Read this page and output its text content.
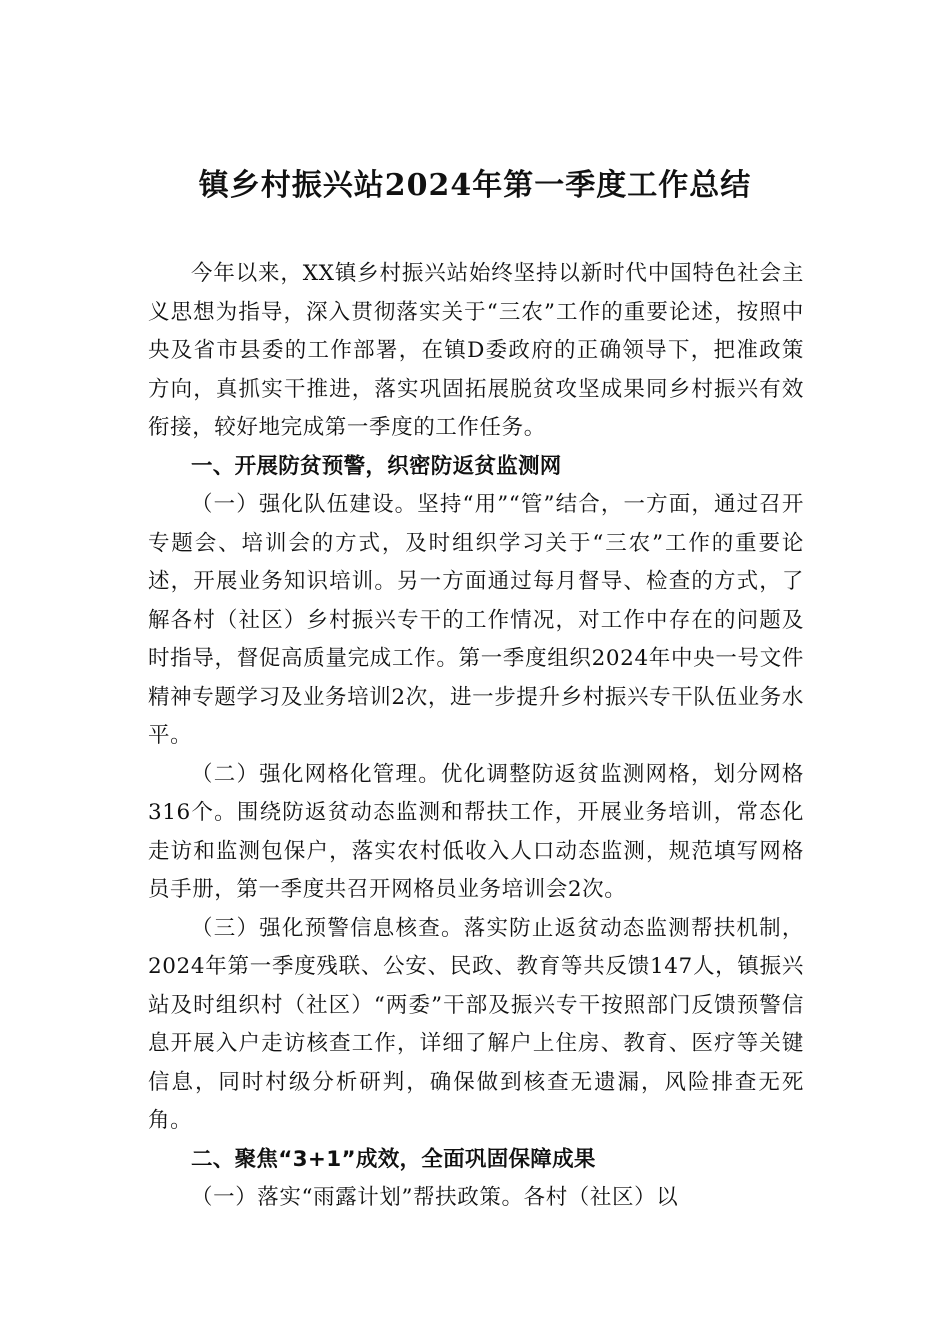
镇乡村振兴站2024年第一季度工作总结

今年以来，XX镇乡村振兴站始终坚持以新时代中国特色社会主义思想为指导，深入贯彻落实关于“三农”工作的重要论述，按照中央及省市县委的工作部署，在镇D委政府的正确领导下，把准政策方向，真抓实干推进，落实巩固拓展脱贫攻坚成果同乡村振兴有效衔接，较好地完成第一季度的工作任务。

一、开展防贫预警，织密防返贫监测网

（一）强化队伍建设。坚持“用”“管”结合，一方面，通过召开专题会、培训会的方式，及时组织学习关于“三农”工作的重要论述，开展业务知识培训。另一方面通过每月督导、检查的方式，了解各村（社区）乡村振兴专干的工作情况，对工作中存在的问题及时指导，督促高质量完成工作。第一季度组织2024年中央一号文件精神专题学习及业务培训2次，进一步提升乡村振兴专干队伍业务水平。

（二）强化网格化管理。优化调整防返贫监测网格，划分网格316个。围绕防返贫动态监测和帮扶工作，开展业务培训，常态化走访和监测包保户，落实农村低收入人口动态监测，规范填写网格员手册，第一季度共召开网格员业务培训会2次。

（三）强化预警信息核查。落实防止返贫动态监测帮扶机制，2024年第一季度残联、公安、民政、教育等共反馈147人，镇振兴站及时组织村（社区）“两委”干部及振兴专干按照部门反馈预警信息开展入户走访核查工作，详细了解户上住房、教育、医疗等关键信息，同时村级分析研判，确保做到核查无遗漏，风险排查无死角。

二、聚焦“3+1”成效，全面巩固保障成果

（一）落实“雨露计划”帮扶政策。各村（社区）以
